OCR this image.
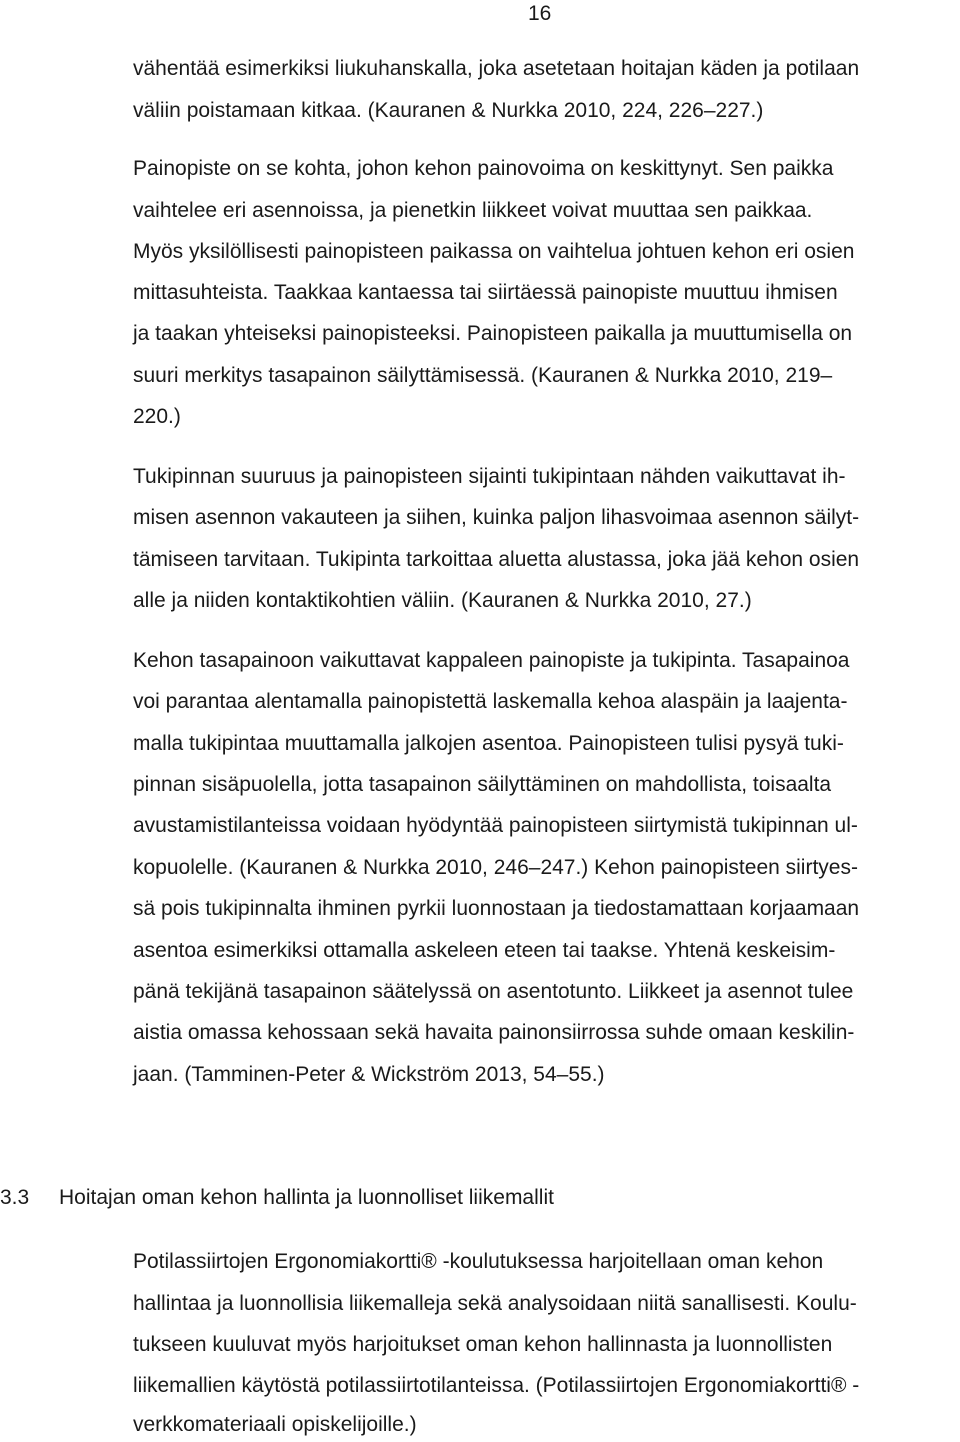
16
vähentää esimerkiksi liukuhanskalla, joka asetetaan hoitajan käden ja potilaan
väliin poistamaan kitkaa. (Kauranen & Nurkka 2010, 224, 226–227.)
Painopiste on se kohta, johon kehon painovoima on keskittynyt. Sen paikka
vaihtelee eri asennoissa, ja pienetkin liikkeet voivat muuttaa sen paikkaa.
Myös yksilöllisesti painopisteen paikassa on vaihtelua johtuen kehon eri osien
mittasuhteista. Taakkaa kantaessa tai siirtäessä painopiste muuttuu ihmisen
ja taakan yhteiseksi painopisteeksi. Painopisteen paikalla ja muuttumisella on
suuri merkitys tasapainon säilyttämisessä. (Kauranen & Nurkka 2010, 219–
220.)
Tukipinnan suuruus ja painopisteen sijainti tukipintaan nähden vaikuttavat ih-
misen asennon vakauteen ja siihen, kuinka paljon lihasvoimaa asennon säilyt-
tämiseen tarvitaan. Tukipinta tarkoittaa aluetta alustassa, joka jää kehon osien
alle ja niiden kontaktikohtien väliin. (Kauranen & Nurkka 2010, 27.)
Kehon tasapainoon vaikuttavat kappaleen painopiste ja tukipinta. Tasapainoa
voi parantaa alentamalla painopistettä laskemalla kehoa alaspäin ja laajenta-
malla tukipintaa muuttamalla jalkojen asentoa. Painopisteen tulisi pysyä tuki-
pinnan sisäpuolella, jotta tasapainon säilyttäminen on mahdollista, toisaalta
avustamistilanteissa voidaan hyödyntää painopisteen siirtymistä tukipinnan ul-
kopuolelle. (Kauranen & Nurkka 2010, 246–247.) Kehon painopisteen siirtyes-
sä pois tukipinnalta ihminen pyrkii luonnostaan ja tiedostamattaan korjaamaan
asentoa esimerkiksi ottamalla askeleen eteen tai taakse. Yhtenä keskeisim-
pänä tekijänä tasapainon säätelyssä on asentotunto. Liikkeet ja asennot tulee
aistia omassa kehossaan sekä havaita painonsiirrossa suhde omaan keskilin-
jaan. (Tamminen-Peter & Wickström 2013, 54–55.)
3.3 Hoitajan oman kehon hallinta ja luonnolliset liikemallit
Potilassiirtojen Ergonomiakortti® -koulutuksessa harjoitellaan oman kehon
hallintaa ja luonnollisia liikemalleja sekä analysoidaan niitä sanallisesti. Koulu-
tukseen kuuluvat myös harjoitukset oman kehon hallinnasta ja luonnollisten
liikemallien käytöstä potilassiirtotilanteissa. (Potilassiirtojen Ergonomiakortti® -
verkkomateriaali opiskelijoille.)
